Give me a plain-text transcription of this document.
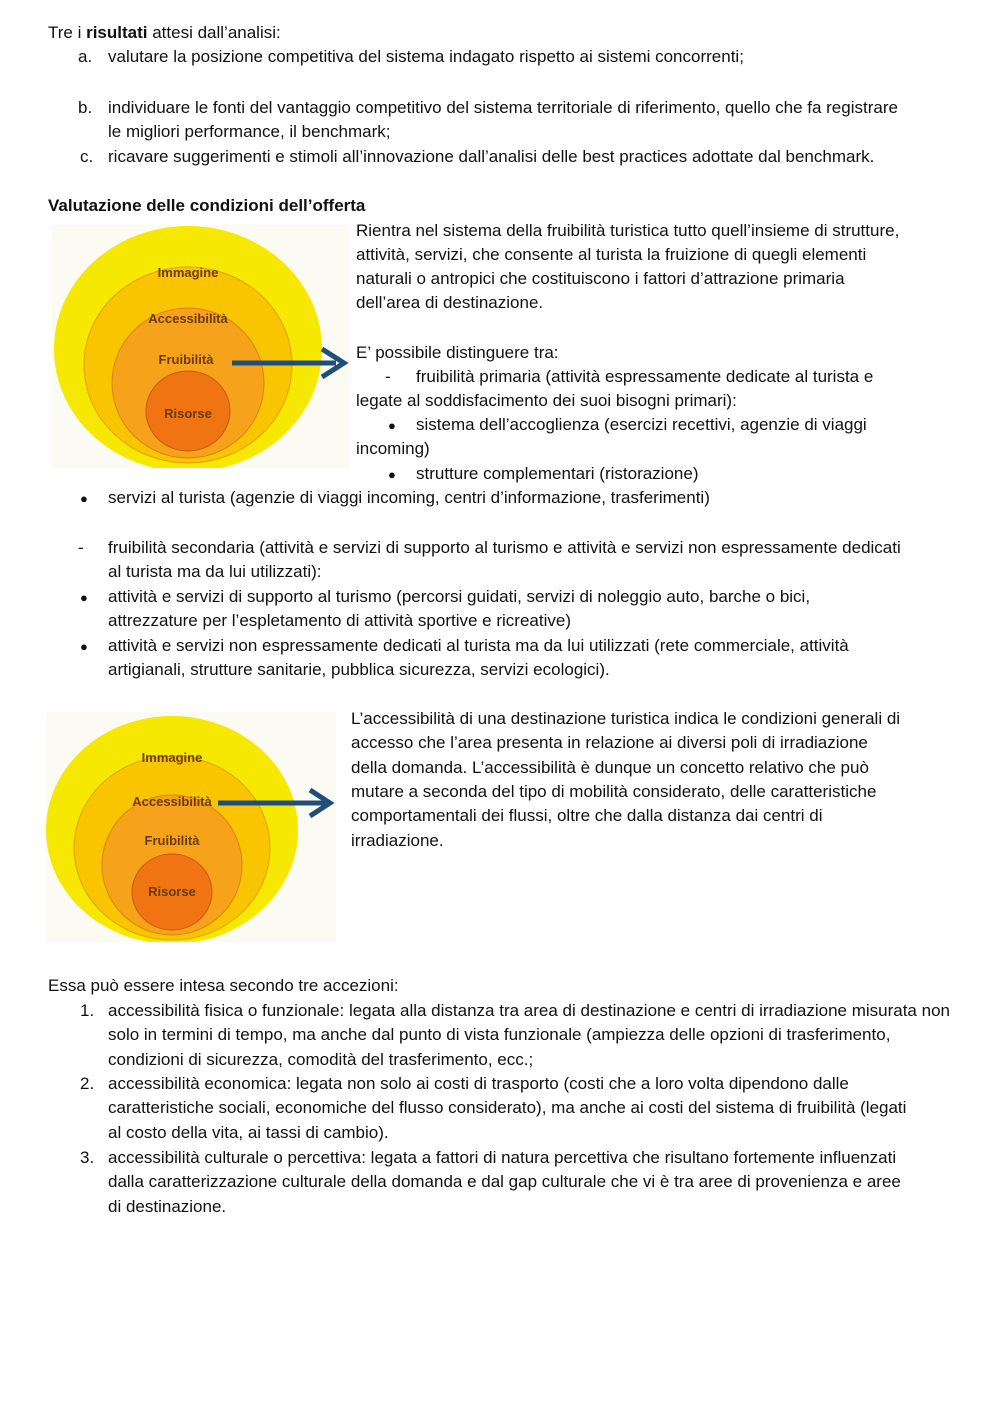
Tre i risultati attesi dall’analisi:
a. valutare la posizione competitiva del sistema indagato rispetto ai sistemi concorrenti;
b. individuare le fonti del vantaggio competitivo del sistema territoriale di riferimento, quello che fa registrare le migliori performance, il benchmark;
c. ricavare suggerimenti e stimoli all’innovazione dall’analisi delle best practices adottate dal benchmark.
Valutazione delle condizioni dell’offerta
Immagine
Accessibilità
Fruibilità
Risorse
Rientra nel sistema della fruibilità turistica tutto quell’insieme di strutture,
attività, servizi, che consente al turista la fruizione di quegli elementi
naturali o antropici che costituiscono i fattori d’attrazione primaria
dell’area di destinazione.
E’ possibile distinguere tra:
- fruibilità primaria (attività espressamente dedicate al turista e
legate al soddisfacimento dei suoi bisogni primari):
● sistema dell’accoglienza (esercizi recettivi, agenzie di viaggi
incoming)
● strutture complementari (ristorazione)
● servizi al turista (agenzie di viaggi incoming, centri d’informazione, trasferimenti)
- fruibilità secondaria (attività e servizi di supporto al turismo e attività e servizi non espressamente dedicati al turista ma da lui utilizzati):
● attività e servizi di supporto al turismo (percorsi guidati, servizi di noleggio auto, barche o bici, attrezzature per l’espletamento di attività sportive e ricreative)
● attività e servizi non espressamente dedicati al turista ma da lui utilizzati (rete commerciale, attività artigianali, strutture sanitarie, pubblica sicurezza, servizi ecologici).
Immagine
Accessibilità
Fruibilità
Risorse
L’accessibilità di una destinazione turistica indica le condizioni generali di
accesso che l’area presenta in relazione ai diversi poli di irradiazione
della domanda. L’accessibilità è dunque un concetto relativo che può
mutare a seconda del tipo di mobilità considerato, delle caratteristiche
comportamentali dei flussi, oltre che dalla distanza dai centri di
irradiazione.
Essa può essere intesa secondo tre accezioni:
1. accessibilità fisica o funzionale: legata alla distanza tra area di destinazione e centri di irradiazione misurata non solo in termini di tempo, ma anche dal punto di vista funzionale (ampiezza delle opzioni di trasferimento, condizioni di sicurezza, comodità del trasferimento, ecc.;
2. accessibilità economica: legata non solo ai costi di trasporto (costi che a loro volta dipendono dalle caratteristiche sociali, economiche del flusso considerato), ma anche ai costi del sistema di fruibilità (legati al costo della vita, ai tassi di cambio).
3. accessibilità culturale o percettiva: legata a fattori di natura percettiva che risultano fortemente influenzati dalla caratterizzazione culturale della domanda e dal gap culturale che vi è tra aree di provenienza e aree di destinazione.
